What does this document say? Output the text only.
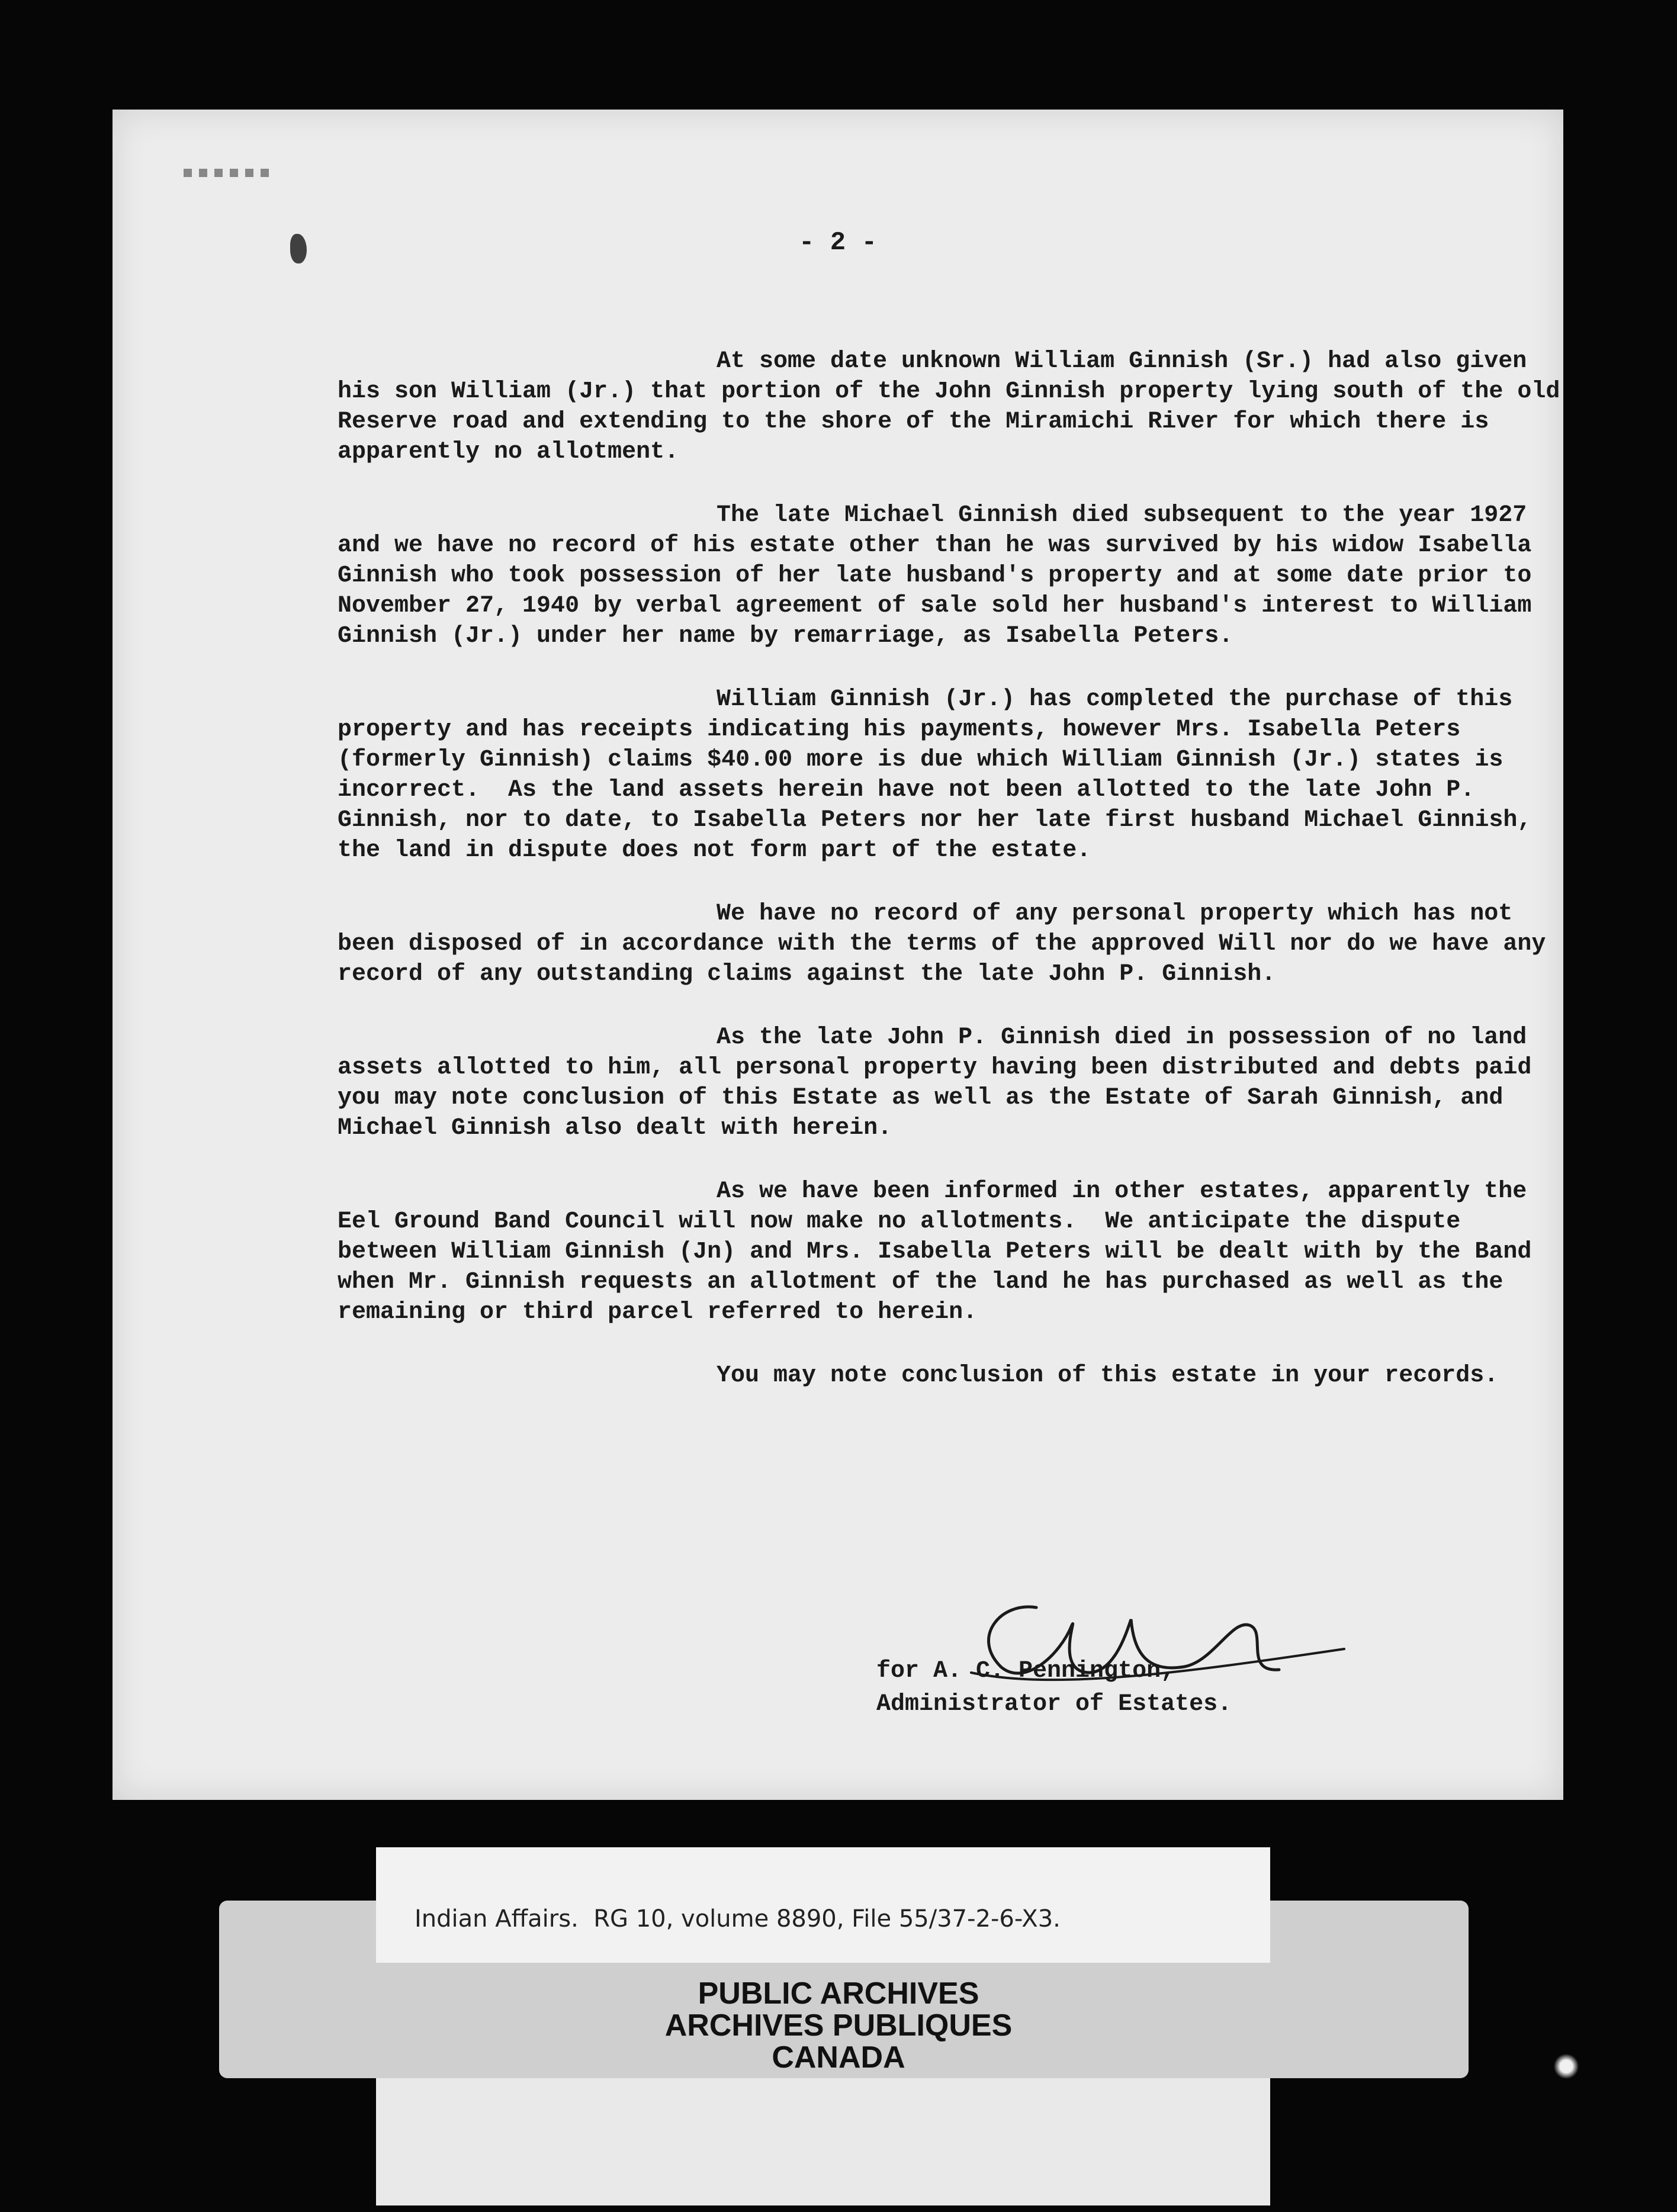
- 2 -

At some date unknown William Ginnish (Sr.) had also given his son William (Jr.) that portion of the John Ginnish property lying south of the old Reserve road and extending to the shore of the Miramichi River for which there is apparently no allotment.

The late Michael Ginnish died subsequent to the year 1927 and we have no record of his estate other than he was survived by his widow Isabella Ginnish who took possession of her late husband's property and at some date prior to November 27, 1940 by verbal agreement of sale sold her husband's interest to William Ginnish (Jr.) under her name by remarriage, as Isabella Peters.

William Ginnish (Jr.) has completed the purchase of this property and has receipts indicating his payments, however Mrs. Isabella Peters (formerly Ginnish) claims $40.00 more is due which William Ginnish (Jr.) states is incorrect.  As the land assets herein have not been allotted to the late John P. Ginnish, nor to date, to Isabella Peters nor her late first husband Michael Ginnish, the land in dispute does not form part of the estate.

We have no record of any personal property which has not been disposed of in accordance with the terms of the approved Will nor do we have any record of any outstanding claims against the late John P. Ginnish.

As the late John P. Ginnish died in possession of no land assets allotted to him, all personal property having been distributed and debts paid you may note conclusion of this Estate as well as the Estate of Sarah Ginnish, and Michael Ginnish also dealt with herein.

As we have been informed in other estates, apparently the Eel Ground Band Council will now make no allotments.  We anticipate the dispute between William Ginnish (Jn) and Mrs. Isabella Peters will be dealt with by the Band when Mr. Ginnish requests an allotment of the land he has purchased as well as the remaining or third parcel referred to herein.

You may note conclusion of this estate in your records.

for A. C. Pennington,
Administrator of Estates.
Indian Affairs.  RG 10, volume 8890, File 55/37-2-6-X3.
PUBLIC ARCHIVES
ARCHIVES PUBLIQUES
CANADA
